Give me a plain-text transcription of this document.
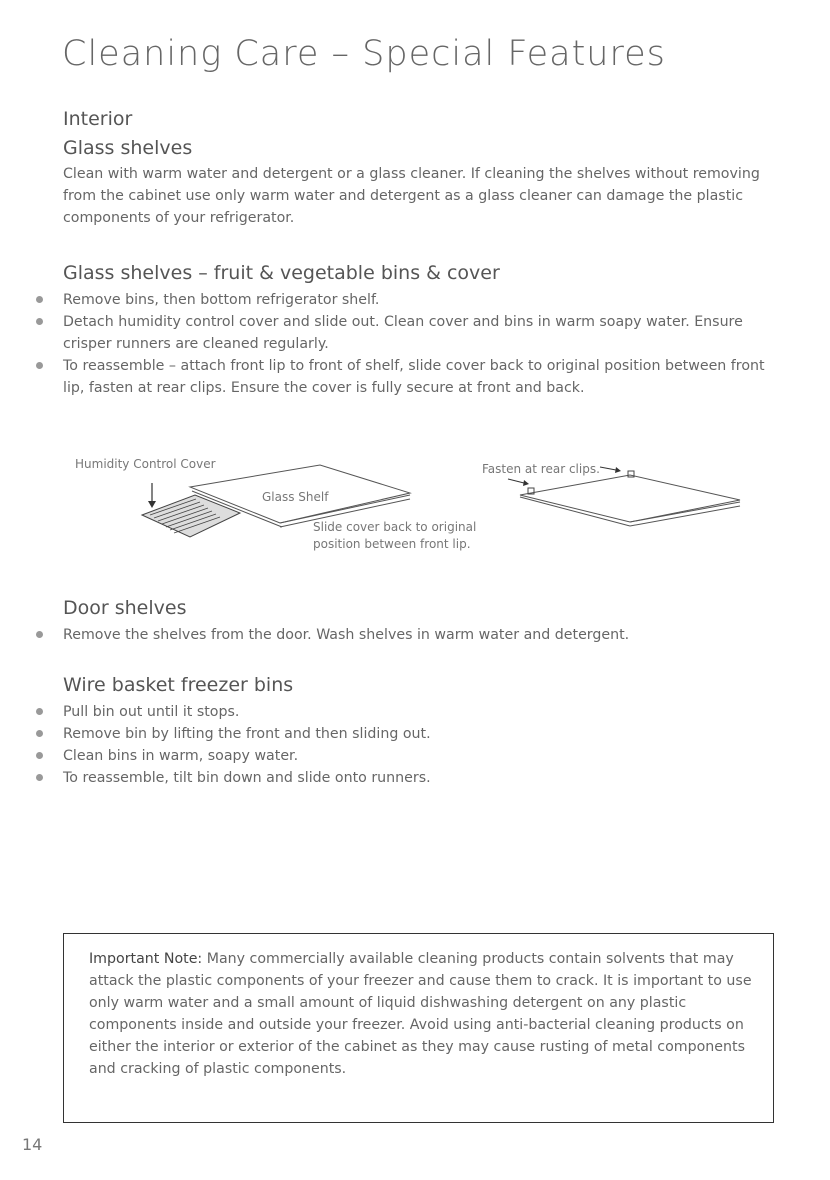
Cleaning Care – Special Features
Interior
Glass shelves
Clean with warm water and detergent or a glass cleaner. If cleaning the shelves without removing from the cabinet use only warm water and detergent as a glass cleaner can damage the plastic components of your refrigerator.
Glass shelves – fruit & vegetable bins & cover
Remove bins, then bottom refrigerator shelf.
Detach humidity control cover and slide out. Clean cover and bins in warm soapy water. Ensure crisper runners are cleaned regularly.
To reassemble – attach front lip to front of shelf, slide cover back to original position between front lip, fasten at rear clips. Ensure the cover is fully secure at front and back.
Humidity Control Cover
Glass Shelf
Slide cover back to original
position between front lip.
Fasten at rear clips.
Door shelves
Remove the shelves from the door. Wash shelves in warm water and detergent.
Wire basket freezer bins
Pull bin out until it stops.
Remove bin by lifting the front and then sliding out.
Clean bins in warm, soapy water.
To reassemble, tilt bin down and slide onto runners.
Important Note: Many commercially available cleaning products contain solvents that may attack the plastic components of your freezer and cause them to crack. It is important to use only warm water and a small amount of liquid dishwashing detergent on any plastic components inside and outside your freezer. Avoid using anti-bacterial cleaning products on either the interior or exterior of the cabinet as they may cause rusting of metal components and cracking of plastic components.
14
